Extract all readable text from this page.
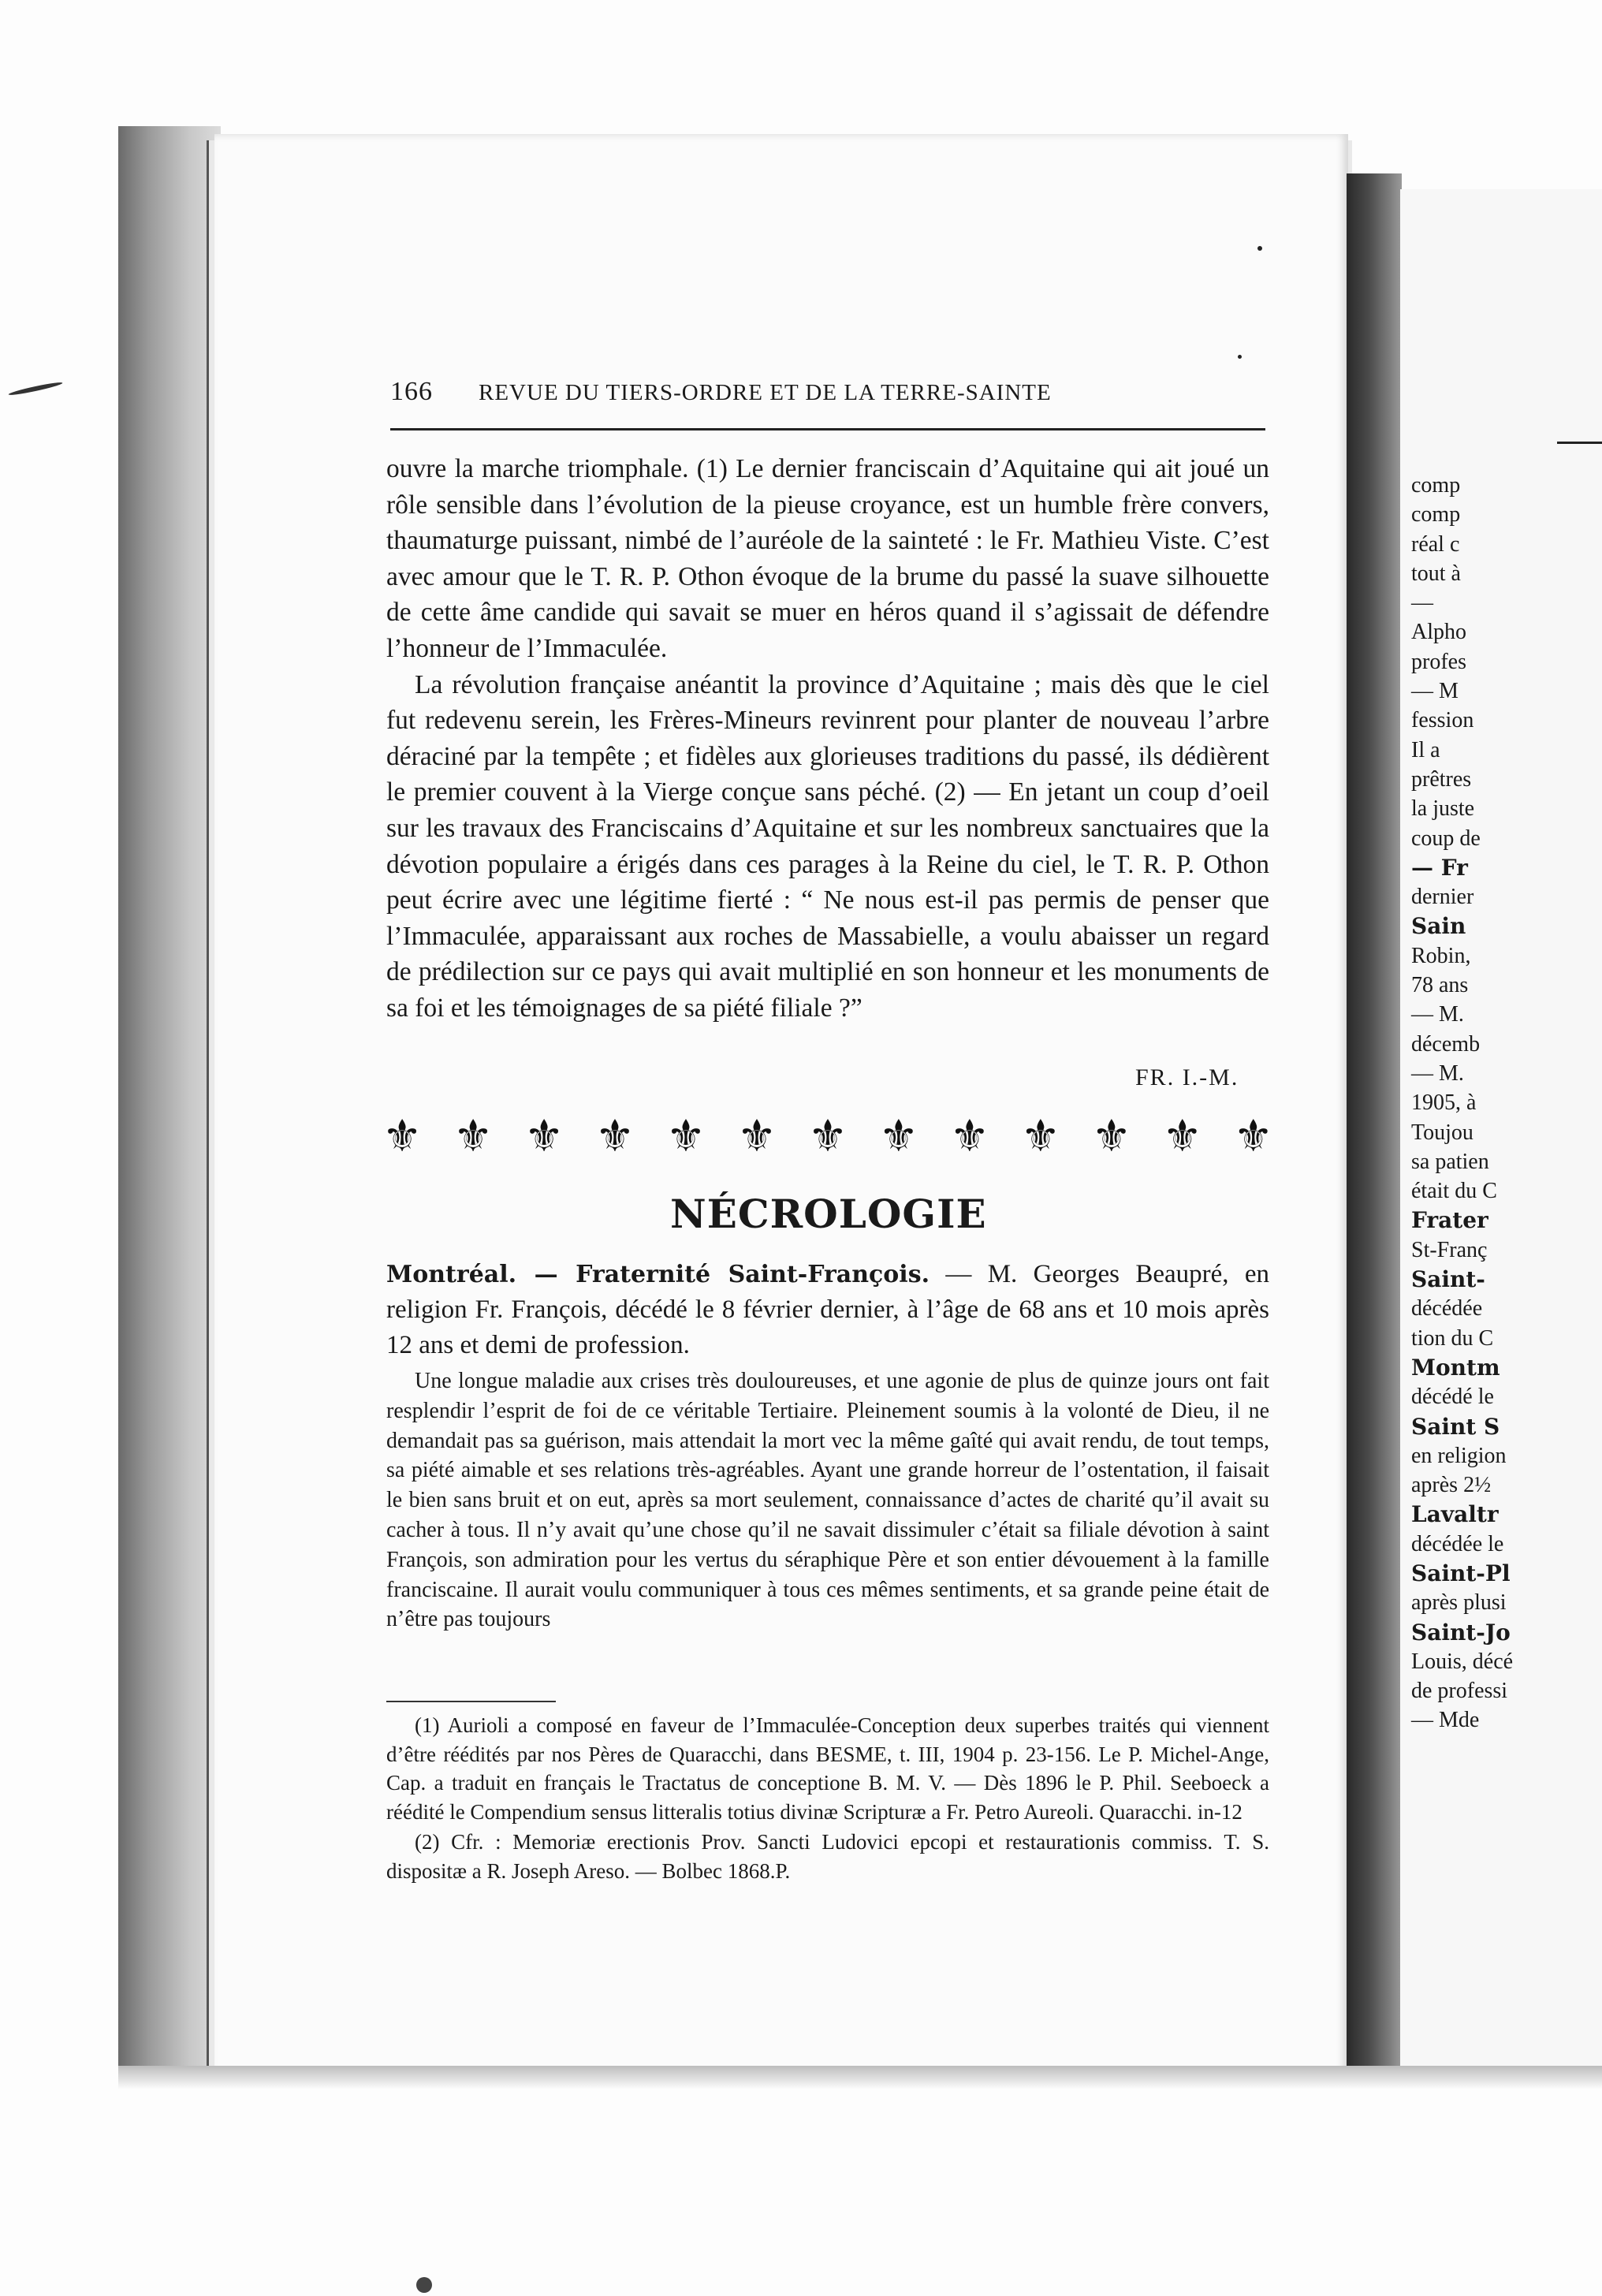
166 REVUE DU TIERS-ORDRE ET DE LA TERRE-SAINTE

ouvre la marche triomphale. (1) Le dernier franciscain d’Aquitaine qui ait joué un rôle sensible dans l’évolution de la pieuse croyance, est un humble frère convers, thaumaturge puissant, nimbé de l’auréole de la sainteté : le Fr. Mathieu Viste. C’est avec amour que le T. R. P. Othon évoque de la brume du passé la suave silhouette de cette âme candide qui savait se muer en héros quand il s’agissait de défendre l’honneur de l’Immaculée.

La révolution française anéantit la province d’Aquitaine ; mais dès que le ciel fut redevenu serein, les Frères-Mineurs revinrent pour planter de nouveau l’arbre déraciné par la tempête ; et fidèles aux glorieuses traditions du passé, ils dédièrent le premier couvent à la Vierge conçue sans péché. (2) — En jetant un coup d’oeil sur les travaux des Franciscains d’Aquitaine et sur les nombreux sanctuaires que la dévotion populaire a érigés dans ces parages à la Reine du ciel, le T. R. P. Othon peut écrire avec une légitime fierté : “ Ne nous est-il pas permis de penser que l’Immaculée, apparaissant aux roches de Massabielle, a voulu abaisser un regard de prédilection sur ce pays qui avait multiplié en son honneur et les monuments de sa foi et les témoignages de sa piété filiale ?”

FR. I.-M.
⚜ ⚜ ⚜ ⚜ ⚜ ⚜ ⚜ ⚜ ⚜ ⚜ ⚜ ⚜ ⚜
NÉCROLOGIE
Montréal. — Fraternité Saint-François. — M. Georges Beaupré, en religion Fr. François, décédé le 8 février dernier, à l’âge de 68 ans et 10 mois après 12 ans et demi de profession.

Une longue maladie aux crises très douloureuses, et une agonie de plus de quinze jours ont fait resplendir l’esprit de foi de ce véritable Tertiaire. Pleinement soumis à la volonté de Dieu, il ne demandait pas sa guérison, mais attendait la mort vec la même gaîté qui avait rendu, de tout temps, sa piété aimable et ses relations très-agréables. Ayant une grande horreur de l’ostentation, il faisait le bien sans bruit et on eut, après sa mort seulement, connaissance d’actes de charité qu’il avait su cacher à tous. Il n’y avait qu’une chose qu’il ne savait dissimuler c’était sa filiale dévotion à saint François, son admiration pour les vertus du séraphique Père et son entier dévouement à la famille franciscaine. Il aurait voulu communiquer à tous ces mêmes sentiments, et sa grande peine était de n’être pas toujours

(1) Aurioli a composé en faveur de l’Immaculée-Conception deux superbes traités qui viennent d’être réédités par nos Pères de Quaracchi, dans BESME, t. III, 1904 p. 23-156. Le P. Michel-Ange, Cap. a traduit en français le Tractatus de conceptione B. M. V. — Dès 1896 le P. Phil. Seeboeck a réédité le Compendium sensus litteralis totius divinæ Scripturæ a Fr. Petro Aureoli. Quaracchi. in-12

(2) Cfr. : Memoriæ erectionis Prov. Sancti Ludovici epcopi et restaurationis commiss. T. S. dispositæ a R. Joseph Areso. — Bolbec 1868.P.

comp
comp
réal c
tout à
—
Alpho
profes
— M
fession
Il a
prêtres
la juste
coup de
— Fr
dernier
Sain
Robin,
78 ans
— M.
décemb
— M.
1905, à
Toujou
sa patien
était du C
Frater
St-Franç
Saint-
décédée
tion du C
Montm
décédé le
Saint S
en religion
après 2½
Lavaltr
décédée le
Saint-Pl
après plusi
Saint-Jo
Louis, décé
de professi
— Mde
